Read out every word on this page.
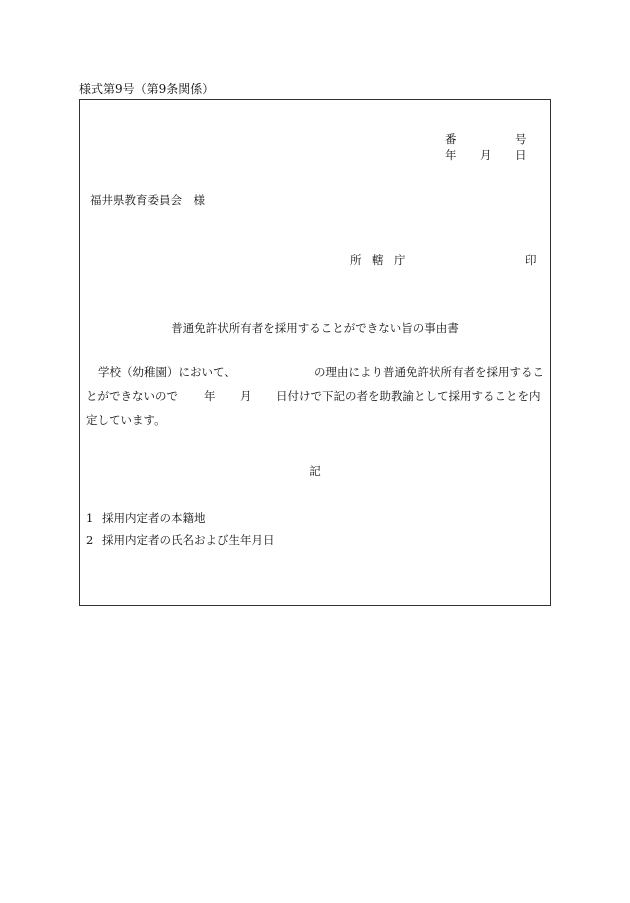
様式第9号（第9条関係）
番	号
年 月 日
福井県教育委員会　様
所 轄 庁	印
普通免許状所有者を採用することができない旨の事由書
学校（幼稚園）において、	の理由により普通免許状所有者を採用するこ
とができないので 年 月 日付けで下記の者を助教諭として採用することを内
定しています。
記
1 採用内定者の本籍地
2 採用内定者の氏名および生年月日
